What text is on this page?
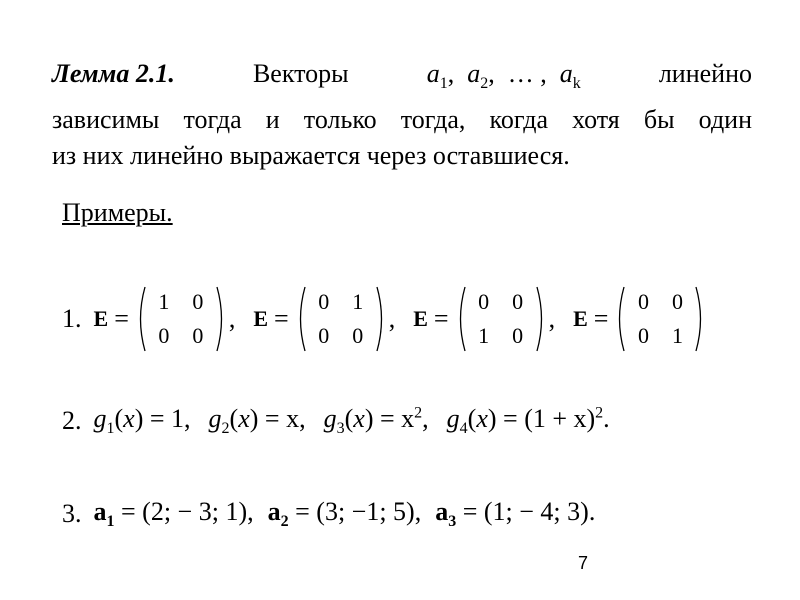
Лемма 2.1.	Векторы	$a_1$,  $a_2$,  … ,  $a_k$	линейно
зависимы тогда и только тогда, когда хотя бы один
из них линейно выражается через оставшиеся.
Примеры.
1. E =
1	0
0	0
, E =
0	1
0	0
, E =
0	0
1	0
, E =
0	0
0	1
2. $g_1(x) = 1$, $g_2(x) = x$, $g_3(x) = x^2$, $g_4(x) = (1 + x)^2$.
3. $a_1 = (2$; − 3; 1), $a_2 = (3$; −1; 5), $a_3 = (1$; − 4; 3).
7
